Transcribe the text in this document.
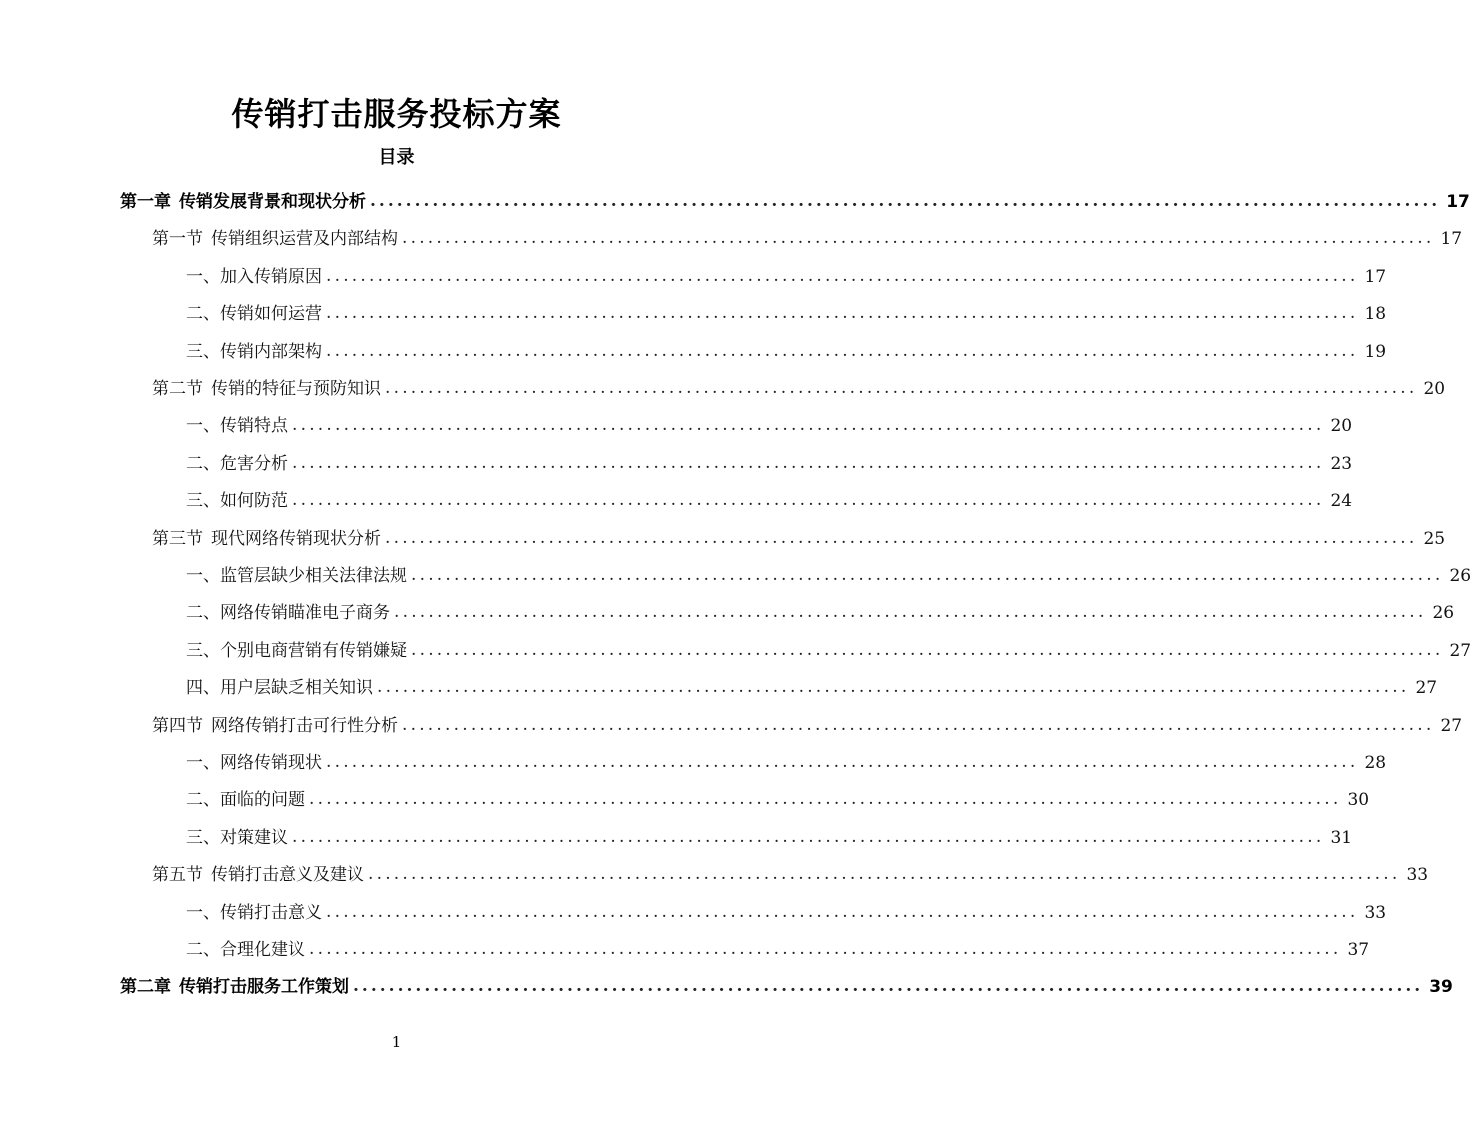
传销打击服务投标方案
目录
第一章 传销发展背景和现状分析 ........................................................................................................................ 17
第一节 传销组织运营及内部结构 ........................................................................................................................ 17
一、加入传销原因 ........................................................................................................................ 17
二、传销如何运营 ........................................................................................................................ 18
三、传销内部架构 ........................................................................................................................ 19
第二节 传销的特征与预防知识 ........................................................................................................................ 20
一、传销特点 ........................................................................................................................ 20
二、危害分析 ........................................................................................................................ 23
三、如何防范 ........................................................................................................................ 24
第三节 现代网络传销现状分析 ........................................................................................................................ 25
一、监管层缺少相关法律法规 ........................................................................................................................ 26
二、网络传销瞄准电子商务 ........................................................................................................................ 26
三、个别电商营销有传销嫌疑 ........................................................................................................................ 27
四、用户层缺乏相关知识 ........................................................................................................................ 27
第四节 网络传销打击可行性分析 ........................................................................................................................ 27
一、网络传销现状 ........................................................................................................................ 28
二、面临的问题 ........................................................................................................................ 30
三、对策建议 ........................................................................................................................ 31
第五节 传销打击意义及建议 ........................................................................................................................ 33
一、传销打击意义 ........................................................................................................................ 33
二、合理化建议 ........................................................................................................................ 37
第二章 传销打击服务工作策划 ........................................................................................................................ 39
1
